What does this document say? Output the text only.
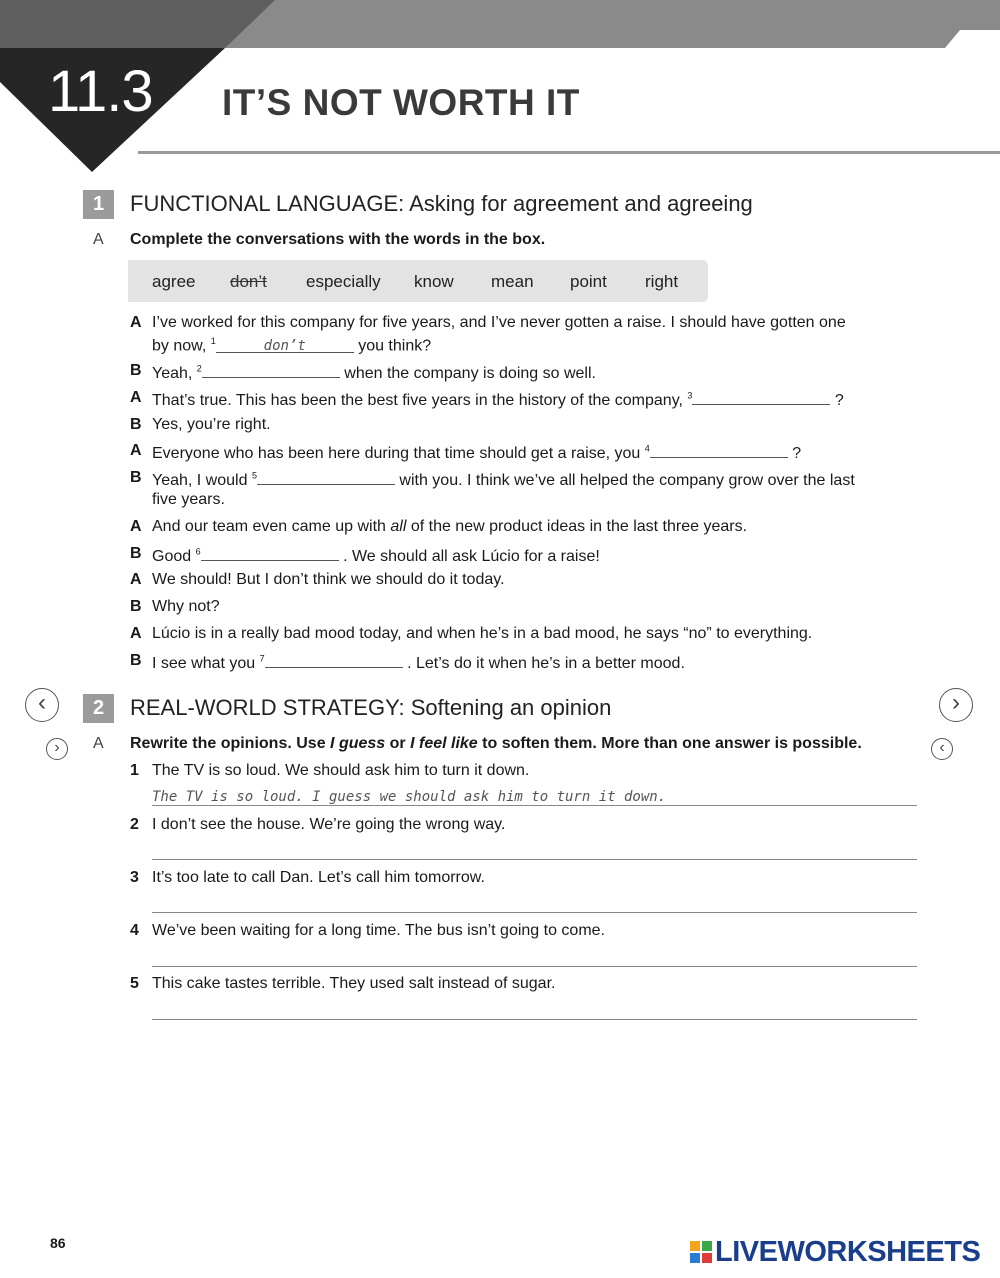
11.3 IT’S NOT WORTH IT
1	FUNCTIONAL LANGUAGE: Asking for agreement and agreeing
A Complete the conversations with the words in the box.
agree don’t especially know mean point right
A I’ve worked for this company for five years, and I’ve never gotten a raise. I should have gotten one
by now, $^1$	don’t	you think?
B Yeah, $^2$	when the company is doing so well.
A That’s true. This has been the best five years in the history of the company, $^3$	?
B Yes, you’re right.
A Everyone who has been here during that time should get a raise, you $^4$	?
B Yeah, I would $^5$	with you. I think we’ve all helped the company grow over the last
five years.
A And our team even came up with all of the new product ideas in the last three years.
B Good $^6$	. We should all ask Lúcio for a raise!
A We should! But I don’t think we should do it today.
B Why not?
A Lúcio is in a really bad mood today, and when he’s in a bad mood, he says “no” to everything.
B I see what you $^7$	. Let’s do it when he’s in a better mood.
‹	›
›	‹
2	REAL-WORLD STRATEGY: Softening an opinion
A Rewrite the opinions. Use I guess or I feel like to soften them. More than one answer is possible.
1 The TV is so loud. We should ask him to turn it down.
The TV is so loud. I guess we should ask him to turn it down.
2 I don’t see the house. We’re going the wrong way.
3 It’s too late to call Dan. Let’s call him tomorrow.
4 We’ve been waiting for a long time. The bus isn’t going to come.
5 This cake tastes terrible. They used salt instead of sugar.
86	LIVEWORKSHEETS
